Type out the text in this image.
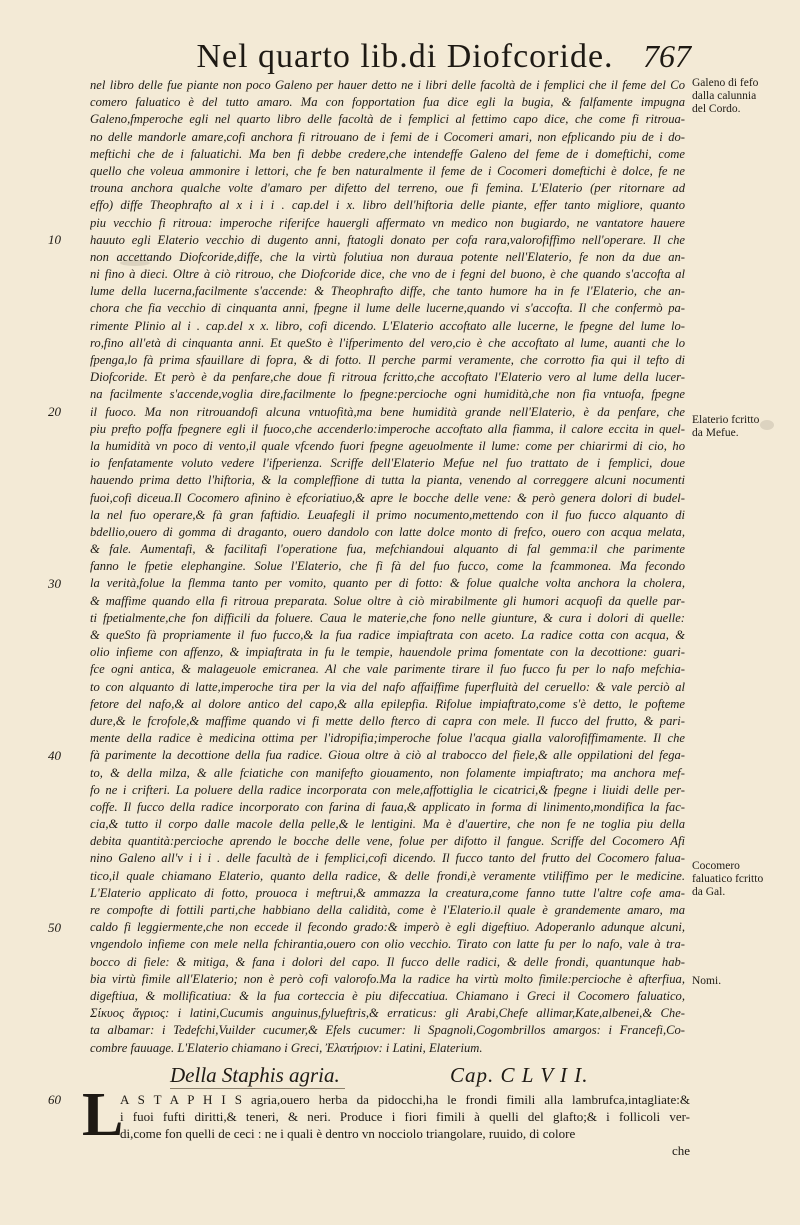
Nel quarto lib.di Diofcoride. 767
10
20
30
40
50
60
nel libro delle fue piante non poco Galeno per hauer detto ne i libri delle facoltà de i femplici che il feme del Co
comero faluatico è del tutto amaro. Ma con fopportation fua dice egli la bugia, & falfamente impugna
Galeno,fmperoche egli nel quarto libro delle facoltà de i femplici al fettimo capo dice, che come fi ritroua-
no delle mandorle amare,cofi anchora fi ritrouano de i femi de i Cocomeri amari, non efplicando piu de i do-
meftichi che de i faluatichi. Ma ben fi debbe credere,che intendeffe Galeno del feme de i domeftichi, come
quello che voleua ammonire i lettori, che fe ben naturalmente il feme de i Cocomeri domeftichi è dolce, fe ne
trouna anchora qualche volte d'amaro per difetto del terreno, oue fi femina. L'Elaterio (per ritornare ad
effo) diffe Theophrafto al x i i i . cap.del i x. libro dell'hiftoria delle piante, effer tanto migliore, quanto
piu vecchio fi ritroua: imperoche riferifce hauergli affermato vn medico non bugiardo, ne vantatore hauere
hauuto egli Elaterio vecchio di dugento anni, ftatogli donato per cofa rara,valorofiffimo nell'operare. Il che
non accettando Diofcoride,diffe, che la virtù folutiua non duraua potente nell'Elaterio, fe non da due an-
ni fino à dieci. Oltre à ciò ritrouo, che Diofcoride dice, che vno de i fegni del buono, è che quando s'accofta al
lume della lucerna,facilmente s'accende: & Theophrafto diffe, che tanto humore ha in fe l'Elaterio, che an-
chora che fia vecchio di cinquanta anni, fpegne il lume delle lucerne,quando vi s'accofta. Il che confermò pa-
rimente Plinio al i . cap.del x x. libro, cofi dicendo. L'Elaterio accoftato alle lucerne, le fpegne del lume lo-
ro,fino all'età di cinquanta anni. Et queSto è l'ifperimento del vero,cio è che accoftato al lume, auanti che lo
fpenga,lo fà prima sfauillare di fopra, & di fotto. Il perche parmi veramente, che corrotto fia qui il tefto di
Diofcoride. Et però è da penfare,che doue fi ritroua fcritto,che accoftato l'Elaterio vero al lume della lucer-
na facilmente s'accende,voglia dire,facilmente lo fpegne:percioche ogni humidità,che non fia vntuofa, fpegne
il fuoco. Ma non ritrouandofi alcuna vntuofità,ma bene humidità grande nell'Elaterio, è da penfare, che
piu prefto poffa fpegnere egli il fuoco,che accenderlo:imperoche accoftato alla fiamma, il calore eccita in quel-
la humidità vn poco di vento,il quale vfcendo fuori fpegne ageuolmente il lume: come per chiarirmi di cio, ho
io fenfatamente voluto vedere l'ifperienza. Scriffe dell'Elaterio Mefue nel fuo trattato de i femplici, doue
hauendo prima detto l'hiftoria, & la compleffione di tutta la pianta, venendo al correggere alcuni nocumenti
fuoi,cofi diceua.Il Cocomero afinino è efcoriatiuo,& apre le bocche delle vene: & però genera dolori di budel-
la nel fuo operare,& fà gran faftidio. Leuafegli il primo nocumento,mettendo con il fuo fucco alquanto di
bdellio,ouero di gomma di draganto, ouero dandolo con latte dolce monto di frefco, ouero con acqua melata,
& fale. Aumentafi, & facilitafi l'operatione fua, mefchiandoui alquanto di fal gemma:il che parimente
fanno le fpetie elephangine. Solue l'Elaterio, che fi fà del fuo fucco, come la fcammonea. Ma fecondo
la verità,folue la flemma tanto per vomito, quanto per di fotto: & folue qualche volta anchora la cholera,
& maffime quando ella fi ritroua preparata. Solue oltre à ciò mirabilmente gli humori acquofi da quelle par-
ti fpetialmente,che fon difficili da foluere. Caua le materie,che fono nelle giunture, & cura i dolori di quelle:
& queSto fà propriamente il fuo fucco,& la fua radice impiaftrata con aceto. La radice cotta con acqua, &
olio infieme con affenzo, & impiaftrata in fu le tempie, hauendole prima fomentate con la decottione: guari-
fce ogni antica, & malageuole emicranea. Al che vale parimente tirare il fuo fucco fu per lo nafo mefchia-
to con alquanto di latte,imperoche tira per la via del nafo affaiffime fuperfluità del ceruello: & vale perciò al
fetore del nafo,& al dolore antico del capo,& alla epilepfia. Rifolue impiaftrato,come s'è detto, le pofteme
dure,& le fcrofole,& maffime quando vi fi mette dello fterco di capra con mele. Il fucco del frutto, & pari-
mente della radice è medicina ottima per l'idropifia;imperoche folue l'acqua gialla valorofiffimamente. Il che
fà parimente la decottione della fua radice. Gioua oltre à ciò al trabocco del fiele,& alle oppilationi del fega-
to, & della milza, & alle fciatiche con manifefto giouamento, non folamente impiaftrato; ma anchora mef-
fo ne i crifteri. La poluere della radice incorporata con mele,affottiglia le cicatrici,& fpegne i liuidi delle per-
coffe. Il fucco della radice incorporato con farina di faua,& applicato in forma di linimento,mondifica la fac-
cia,& tutto il corpo dalle macole della pelle,& le lentigini. Ma è d'auertire, che non fe ne toglia piu della
debita quantità:percioche aprendo le bocche delle vene, folue per difotto il fangue. Scriffe del Cocomero Afi
nino Galeno all'v i i i . delle facultà de i femplici,cofi dicendo. Il fucco tanto del frutto del Cocomero falua-
tico,il quale chiamano Elaterio, quanto della radice, & delle frondi,è veramente vtiliffimo per le medicine.
L'Elaterio applicato di fotto, prouoca i meftrui,& ammazza la creatura,come fanno tutte l'altre cofe ama-
re compofte di fottili parti,che habbiano della calidità, come è l'Elaterio.il quale è grandemente amaro, ma
caldo fi leggiermente,che non eccede il fecondo grado:& imperò è egli digeftiuo. Adoperanlo adunque alcuni,
vngendolo infieme con mele nella fchirantia,ouero con olio vecchio. Tirato con latte fu per lo nafo, vale à tra-
bocco di fiele: & mitiga, & fana i dolori del capo. Il fucco delle radici, & delle frondi, quantunque hab-
bia virtù fimile all'Elaterio; non è però cofi valorofo.Ma la radice ha virtù molto fimile:percioche è afterfiua,
digeftiua, & mollificatiua: & la fua corteccia è piu difeccatiua. Chiamano i Greci il Cocomero faluatico,
Σίκυος ἄγριος: i latini,Cucumis anguinus,fylueftris,& erraticus: gli Arabi,Chefe allimar,Kate,albenei,& Che-
ta albamar: i Tedefchi,Vuilder cucumer,& Efels cucumer: li Spagnoli,Cogombrillos amargos: i Francefi,Co-
combre fauuage. L'Elaterio chiamano i Greci, Ἐλατήριον: i Latini, Elaterium.
Galeno di fefo dalla calunnia del Cordo.
Elaterio fcritto da Mefue.
Cocomero faluatico fcritto da Gal.
Nomi.
Della Staphis agria.	Cap. C L V I I.
L
A S T A P H I S agria,ouero herba da pidocchi,ha le frondi fimili alla lambrufca,intagliate:&
i fuoi fufti diritti,& teneri, & neri. Produce i fiori fimili à quelli del glafto;& i follicoli ver-
di,come fon quelli de ceci : ne i quali è dentro vn nocciolo triangolare, ruuido, di colore
che
